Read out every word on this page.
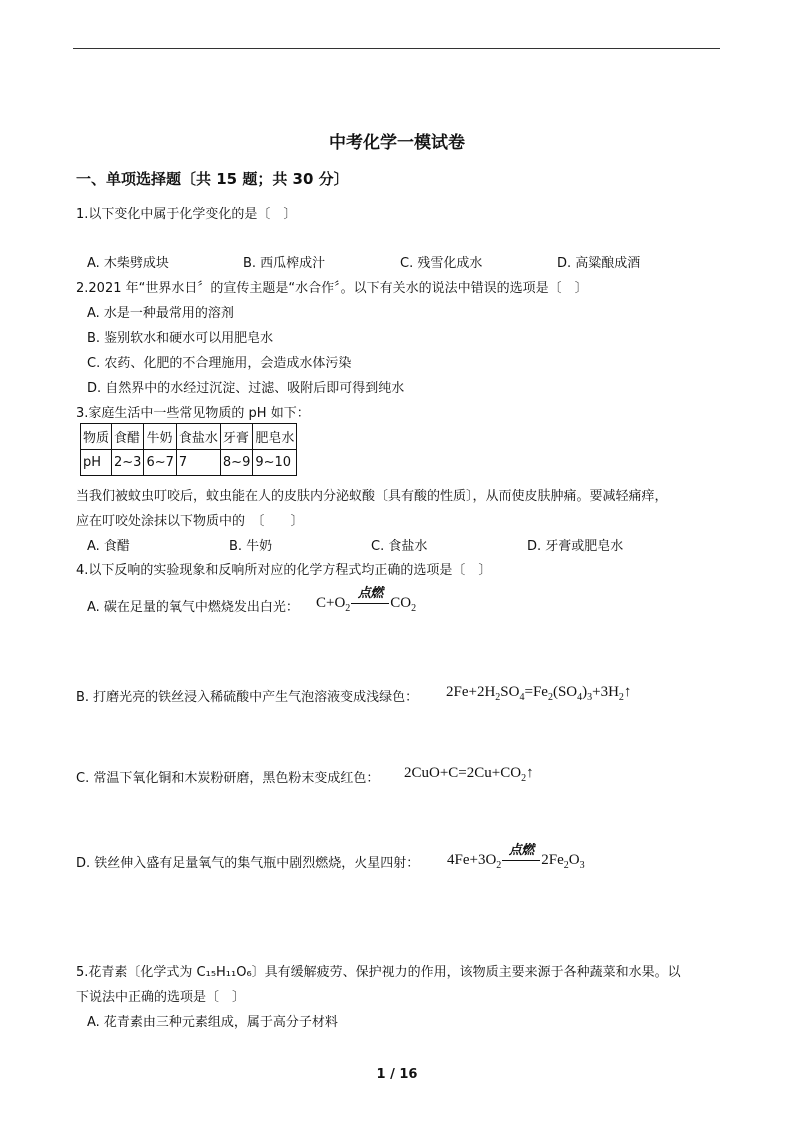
中考化学一模试卷
一、单项选择题〔共 15 题；共 30 分〕
1.以下变化中属于化学变化的是〔　〕
A. 木柴劈成块	B. 西瓜榨成汁	C. 残雪化成水	D. 高粱酿成酒
2.2021 年“世界水日〞的宣传主题是“水合作〞。以下有关水的说法中错误的选项是〔　〕
A. 水是一种最常用的溶剂
B. 鉴别软水和硬水可以用肥皂水
C. 农药、化肥的不合理施用，会造成水体污染
D. 自然界中的水经过沉淀、过滤、吸附后即可得到纯水
3.家庭生活中一些常见物质的 pH 如下：
物质	食醋	牛奶	食盐水	牙膏	肥皂水
pH	2~3	6~7	7	8~9	9~10
当我们被蚊虫叮咬后，蚊虫能在人的皮肤内分泌蚁酸〔具有酸的性质〕，从而使皮肤肿痛。要减轻痛痒，
应在叮咬处涂抹以下物质中的　〔　　〕
A. 食醋	B. 牛奶	C. 食盐水	D. 牙膏或肥皂水
4.以下反响的实验现象和反响所对应的化学方程式均正确的选项是〔　〕
A. 碳在足量的氧气中燃烧发出白光： $C+O_2$
点燃
$CO_2$
B. 打磨光亮的铁丝浸入稀硫酸中产生气泡溶液变成浅绿色： $2Fe+2H_2SO_4=Fe_2(SO_4)_3+3H_2↑$
C. 常温下氧化铜和木炭粉研磨，黑色粉末变成红色： $2CuO+C=2Cu+CO_2↑$
D. 铁丝伸入盛有足量氧气的集气瓶中剧烈燃烧，火星四射： $4Fe+3O_2$
点燃
$2Fe_2O_3$
5.花青素〔化学式为 C₁₅H₁₁O₆〕具有缓解疲劳、保护视力的作用，该物质主要来源于各种蔬菜和水果。以
下说法中正确的选项是〔　〕
A. 花青素由三种元素组成，属于高分子材料
1 / 16
